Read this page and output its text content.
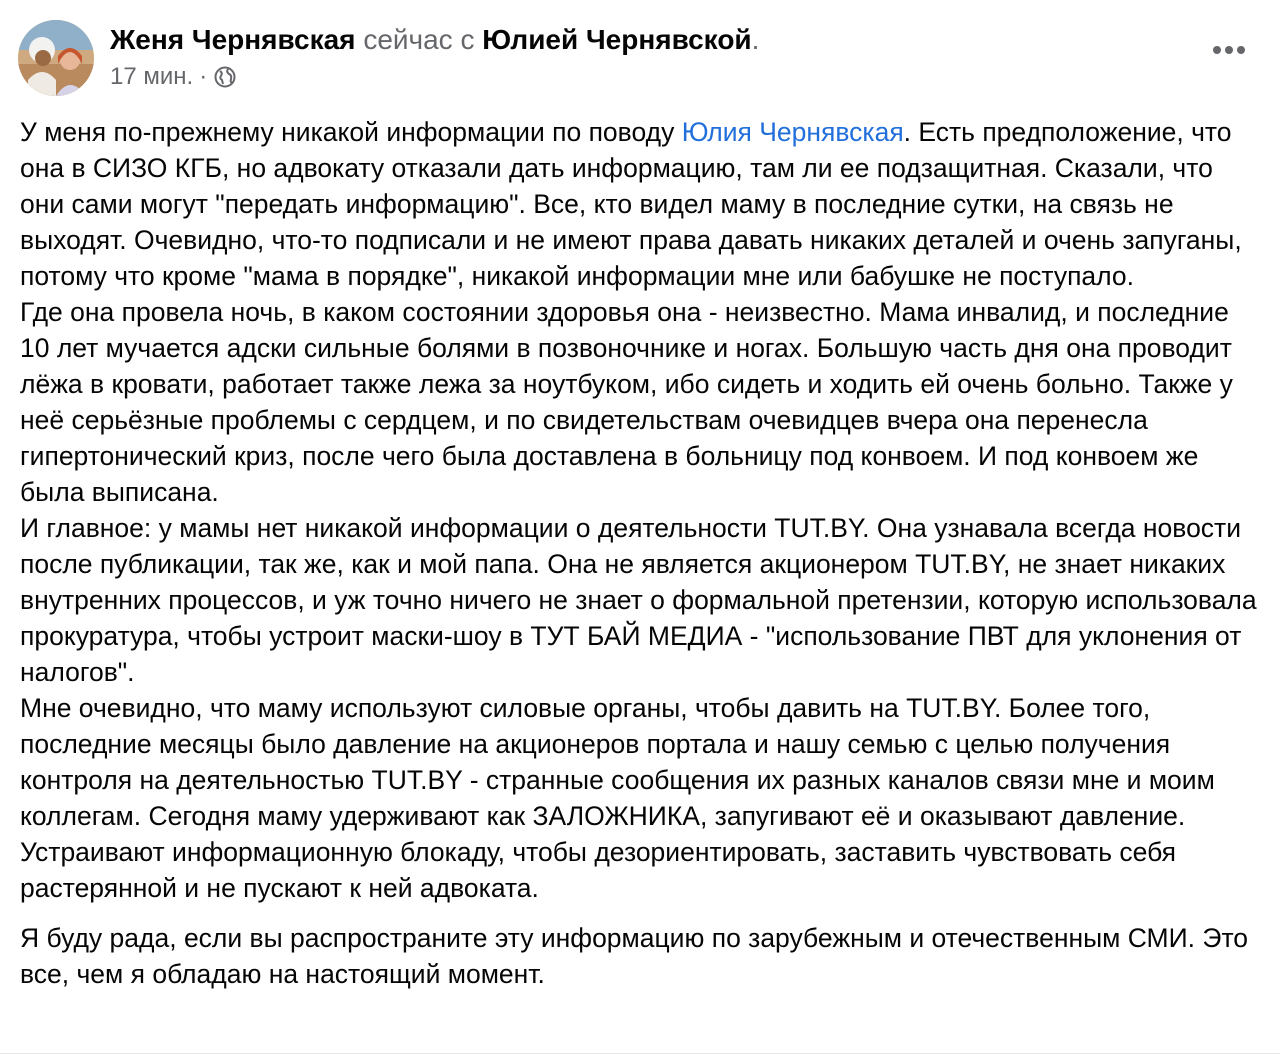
Женя Чернявская сейчас с Юлией Чернявской.
17 мин. ·

У меня по-прежнему никакой информации по поводу Юлия Чернявская. Есть предположение, что она в СИЗО КГБ, но адвокату отказали дать информацию, там ли ее подзащитная. Сказали, что они сами могут "передать информацию". Все, кто видел маму в последние сутки, на связь не выходят. Очевидно, что-то подписали и не имеют права давать никаких деталей и очень запуганы, потому что кроме "мама в порядке", никакой информации мне или бабушке не поступало.

Где она провела ночь, в каком состоянии здоровья она - неизвестно. Мама инвалид, и последние 10 лет мучается адски сильные болями в позвоночнике и ногах. Большую часть дня она проводит лёжа в кровати, работает также лежа за ноутбуком, ибо сидеть и ходить ей очень больно. Также у неё серьёзные проблемы с сердцем, и по свидетельствам очевидцев вчера она перенесла гипертонический криз, после чего была доставлена в больницу под конвоем. И под конвоем же была выписана.

И главное: у мамы нет никакой информации о деятельности TUT.BY. Она узнавала всегда новости после публикации, так же, как и мой папа. Она не является акционером TUT.BY, не знает никаких внутренних процессов, и уж точно ничего не знает о формальной претензии, которую использовала прокуратура, чтобы устроит маски-шоу в ТУТ БАЙ МЕДИА - "использование ПВТ для уклонения от налогов".

Мне очевидно, что маму используют силовые органы, чтобы давить на TUT.BY. Более того, последние месяцы было давление на акционеров портала и нашу семью с целью получения контроля на деятельностью TUT.BY - странные сообщения их разных каналов связи мне и моим коллегам. Сегодня маму удерживают как ЗАЛОЖНИКА, запугивают её и оказывают давление. Устраивают информационную блокаду, чтобы дезориентировать, заставить чувствовать себя растерянной и не пускают к ней адвоката.

Я буду рада, если вы распространите эту информацию по зарубежным и отечественным СМИ. Это все, чем я обладаю на настоящий момент.
